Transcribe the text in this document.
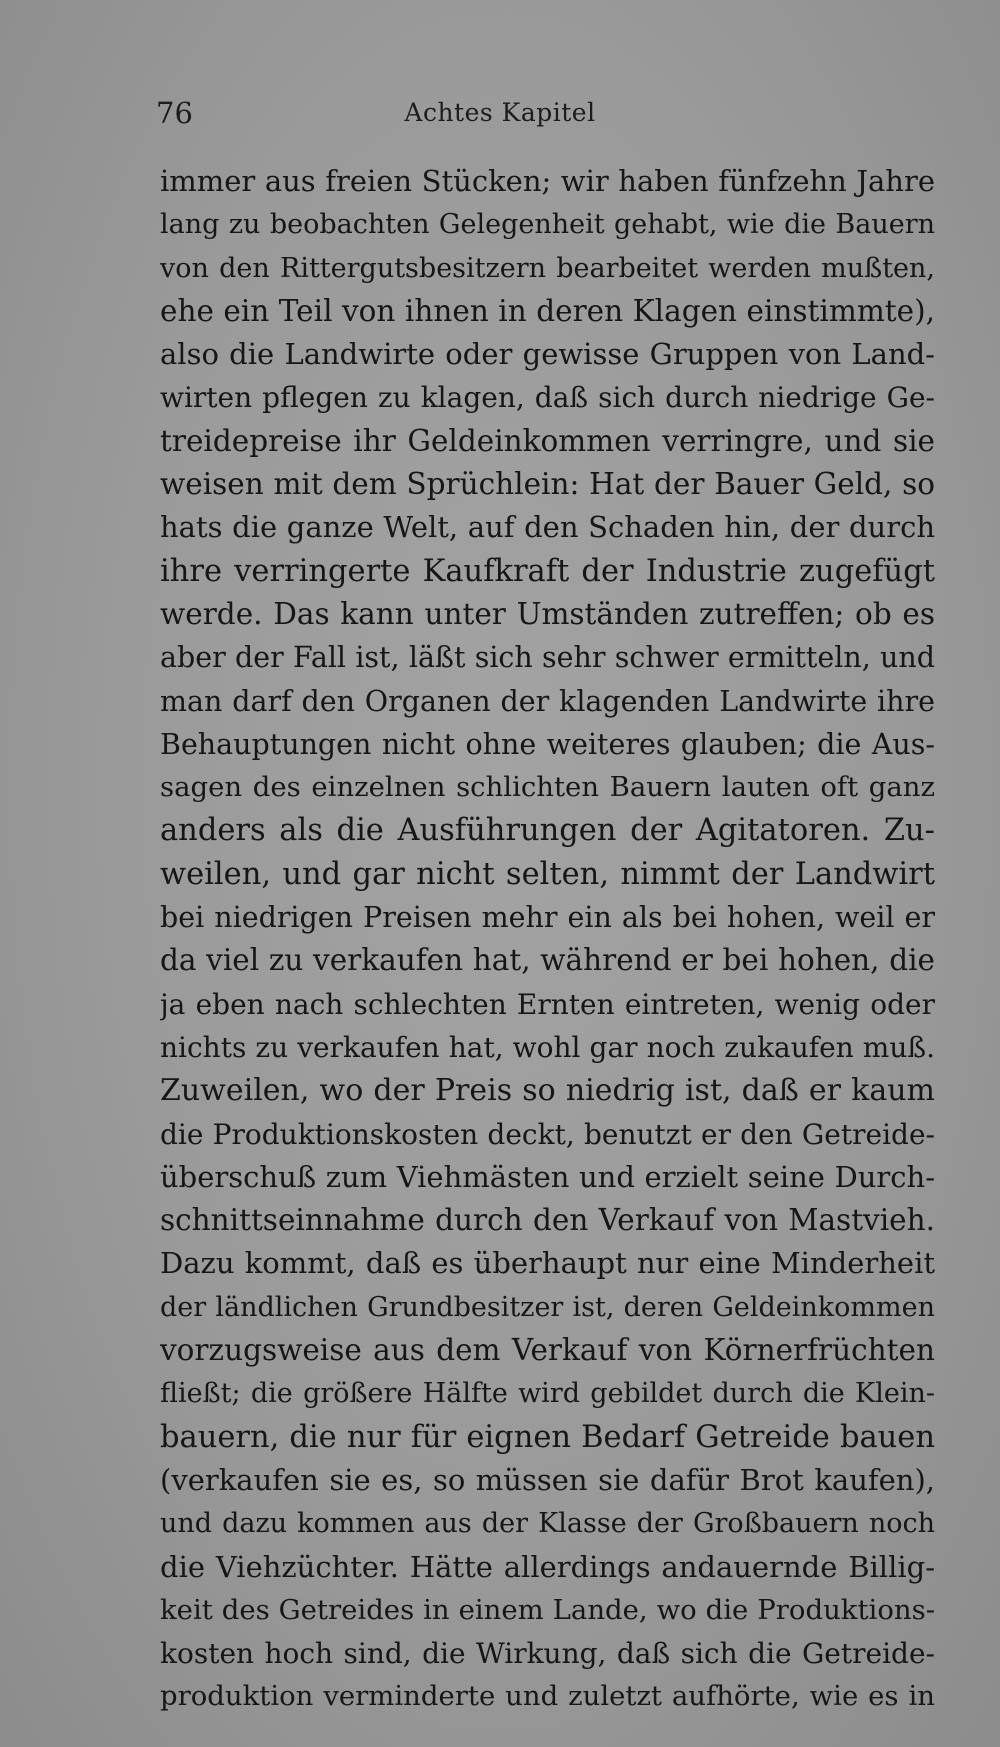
76	Achtes Kapitel
immer aus freien Stücken; wir haben fünfzehn Jahre
lang zu beobachten Gelegenheit gehabt, wie die Bauern
von den Rittergutsbesitzern bearbeitet werden mußten,
ehe ein Teil von ihnen in deren Klagen einstimmte),
also die Landwirte oder gewisse Gruppen von Land-
wirten pflegen zu klagen, daß sich durch niedrige Ge-
treidepreise ihr Geldeinkommen verringre, und sie
weisen mit dem Sprüchlein: Hat der Bauer Geld, so
hats die ganze Welt, auf den Schaden hin, der durch
ihre verringerte Kaufkraft der Industrie zugefügt
werde. Das kann unter Umständen zutreffen; ob es
aber der Fall ist, läßt sich sehr schwer ermitteln, und
man darf den Organen der klagenden Landwirte ihre
Behauptungen nicht ohne weiteres glauben; die Aus-
sagen des einzelnen schlichten Bauern lauten oft ganz
anders als die Ausführungen der Agitatoren. Zu-
weilen, und gar nicht selten, nimmt der Landwirt
bei niedrigen Preisen mehr ein als bei hohen, weil er
da viel zu verkaufen hat, während er bei hohen, die
ja eben nach schlechten Ernten eintreten, wenig oder
nichts zu verkaufen hat, wohl gar noch zukaufen muß.
Zuweilen, wo der Preis so niedrig ist, daß er kaum
die Produktionskosten deckt, benutzt er den Getreide-
überschuß zum Viehmästen und erzielt seine Durch-
schnittseinnahme durch den Verkauf von Mastvieh.
Dazu kommt, daß es überhaupt nur eine Minderheit
der ländlichen Grundbesitzer ist, deren Geldeinkommen
vorzugsweise aus dem Verkauf von Körnerfrüchten
fließt; die größere Hälfte wird gebildet durch die Klein-
bauern, die nur für eignen Bedarf Getreide bauen
(verkaufen sie es, so müssen sie dafür Brot kaufen),
und dazu kommen aus der Klasse der Großbauern noch
die Viehzüchter. Hätte allerdings andauernde Billig-
keit des Getreides in einem Lande, wo die Produktions-
kosten hoch sind, die Wirkung, daß sich die Getreide-
produktion verminderte und zuletzt aufhörte, wie es in
